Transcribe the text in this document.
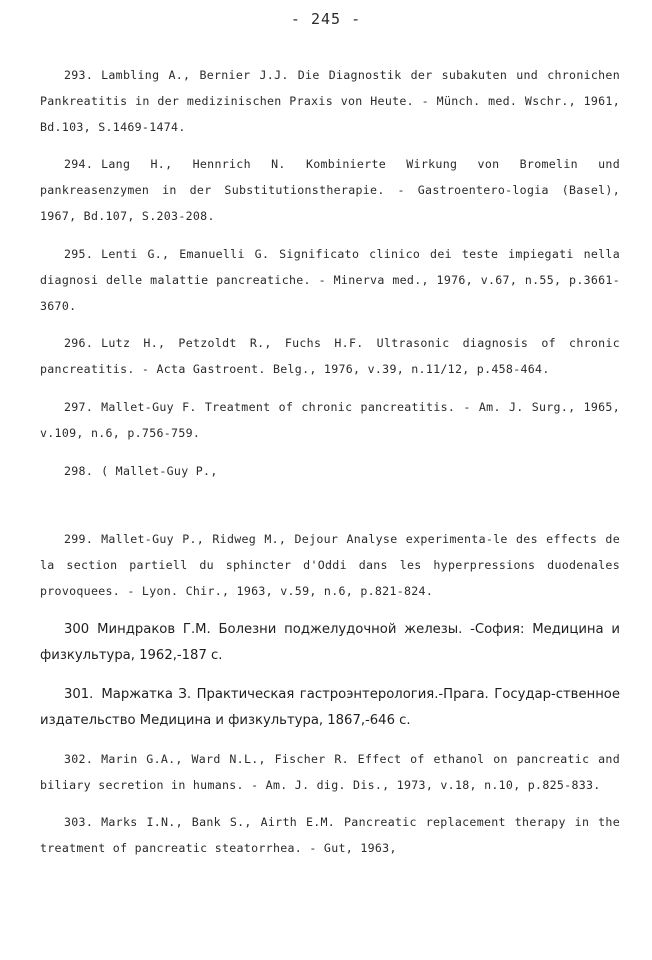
- 245 -

293. Lambling A., Bernier J.J. Die Diagnostik der subakuten und chronichen Pankreatitis in der medizinischen Praxis von Heute. - Münch. med. Wschr., 1961, Bd.103, S.1469-1474.

294. Lang H., Hennrich N. Kombinierte Wirkung von Bromelin und pankreasenzymen in der Substitutionstherapie. - Gastroentero-logia (Basel), 1967, Bd.107, S.203-208.

295. Lenti G., Emanuelli G. Significato clinico dei teste impiegati nella diagnosi delle malattie pancreatiche. - Minerva med., 1976, v.67, n.55, p.3661-3670.

296. Lutz H., Petzoldt R., Fuchs H.F. Ultrasonic diagnosis of chronic pancreatitis. - Acta Gastroent. Belg., 1976, v.39, n.11/12, p.458-464.

297. Mallet-Guy F. Treatment of chronic pancreatitis. - Am. J. Surg., 1965, v.109, n.6, p.756-759.

298. ( Mallet-Guy P.,

299. Mallet-Guy P., Ridweg M., Dejour Analyse experimenta-le des effects de la section partiell du sphincter d'Oddi dans les hyperpressions duodenales provoquees. - Lyon. Chir., 1963, v.59, n.6, p.821-824.

300 Миндраков Г.М. Болезни поджелудочной железы. -София: Медицина и физкультура, 1962,-187 с.

301. Маржатка З. Практическая гастроэнтерология.-Прага. Государ-ственное издательство Медицина и физкультура, 1867,-646 с.

302. Marin G.A., Ward N.L., Fischer R. Effect of ethanol on pancreatic and biliary secretion in humans. - Am. J. dig. Dis., 1973, v.18, n.10, p.825-833.

303. Marks I.N., Bank S., Airth E.M. Pancreatic replacement therapy in the treatment of pancreatic steatorrhea. - Gut, 1963,
